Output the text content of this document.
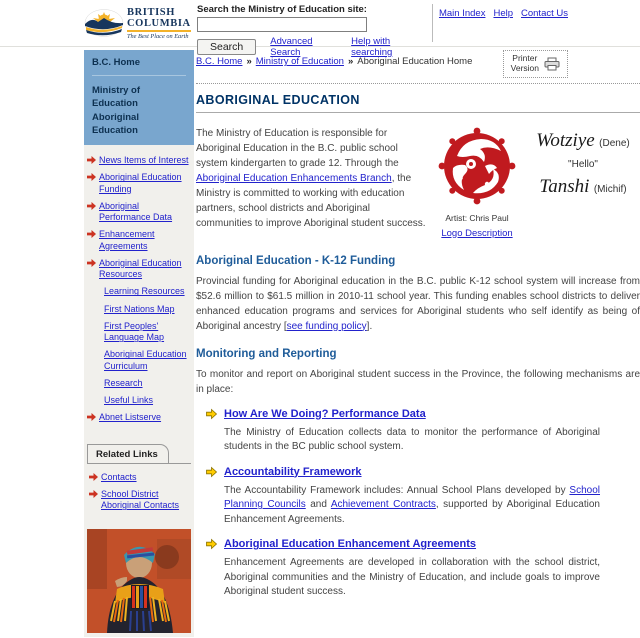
BRITISH
COLUMBIA
The Best Place on Earth
Search the Ministry of Education site:
Search	Advanced Search
Help with searching
Main Index Help Contact Us
B.C. Home
Ministry of Education
Aboriginal Education
News Items of Interest
Aboriginal Education Funding
Aboriginal Performance Data
Enhancement Agreements
Aboriginal Education Resources
Learning Resources
First Nations Map
First Peoples' Language Map
Aboriginal Education Curriculum
Research
Useful Links
Abnet Listserve
Related Links
Contacts
School District Aboriginal Contacts
B.C. Home » Ministry of Education » Aboriginal Education Home	Printer
Version
ABORIGINAL EDUCATION

The Ministry of Education is responsible for Aboriginal Education in the B.C. public school system kindergarten to grade 12. Through the Aboriginal Education Enhancements Branch, the Ministry is committed to working with education partners, school districts and Aboriginal communities to improve Aboriginal student success.	Artist: Chris Paul
Logo Description
Wotziye (Dene)
"Hello"
Tanshi (Michif)
Aboriginal Education - K-12 Funding

Provincial funding for Aboriginal education in the B.C. public K-12 school system will increase from $52.6 million to $61.5 million in 2010-11 school year. This funding enables school districts to deliver enhanced education programs and services for Aboriginal students who self identify as being of Aboriginal ancestry [see funding policy].

Monitoring and Reporting

To monitor and report on Aboriginal student success in the Province, the following mechanisms are in place:

How Are We Doing? Performance Data

The Ministry of Education collects data to monitor the performance of Aboriginal students in the BC public school system.

Accountability Framework

The Accountability Framework includes: Annual School Plans developed by School Planning Councils and Achievement Contracts, supported by Aboriginal Education Enhancement Agreements.

Aboriginal Education Enhancement Agreements

Enhancement Agreements are developed in collaboration with the school district, Aboriginal communities and the Ministry of Education, and include goals to improve Aboriginal student success.
